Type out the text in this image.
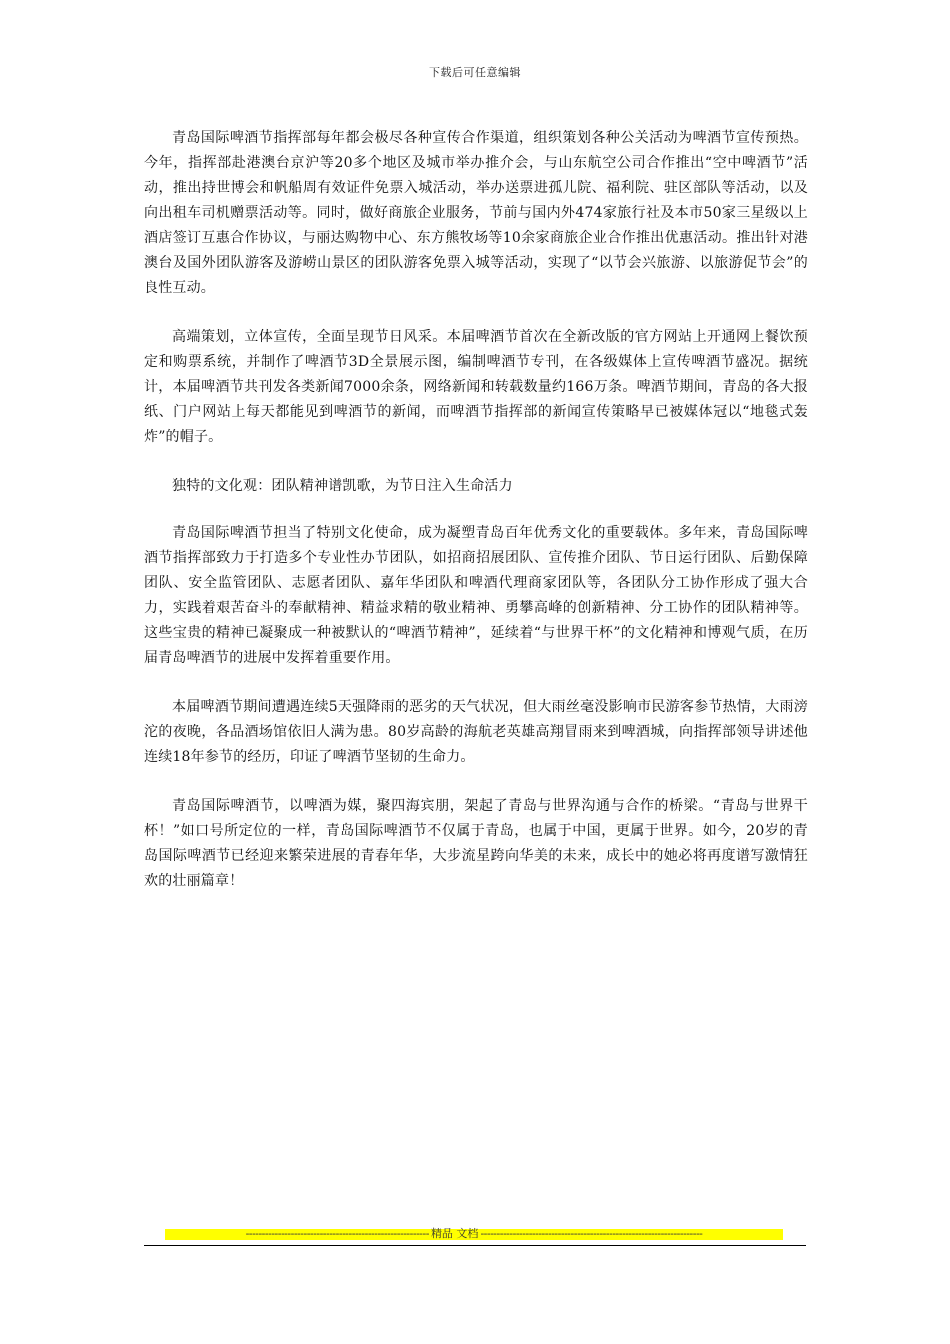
下载后可任意编辑

青岛国际啤酒节指挥部每年都会极尽各种宣传合作渠道，组织策划各种公关活动为啤酒节宣传预热。今年，指挥部赴港澳台京沪等20多个地区及城市举办推介会，与山东航空公司合作推出“空中啤酒节”活动，推出持世博会和帆船周有效证件免票入城活动，举办送票进孤儿院、福利院、驻区部队等活动，以及向出租车司机赠票活动等。同时，做好商旅企业服务，节前与国内外474家旅行社及本市50家三星级以上酒店签订互惠合作协议，与丽达购物中心、东方熊牧场等10余家商旅企业合作推出优惠活动。推出针对港澳台及国外团队游客及游崂山景区的团队游客免票入城等活动，实现了“以节会兴旅游、以旅游促节会”的良性互动。

高端策划，立体宣传，全面呈现节日风采。本届啤酒节首次在全新改版的官方网站上开通网上餐饮预定和购票系统，并制作了啤酒节3D全景展示图，编制啤酒节专刊，在各级媒体上宣传啤酒节盛况。据统计，本届啤酒节共刊发各类新闻7000余条，网络新闻和转载数量约166万条。啤酒节期间，青岛的各大报纸、门户网站上每天都能见到啤酒节的新闻，而啤酒节指挥部的新闻宣传策略早已被媒体冠以“地毯式轰炸”的帽子。

独特的文化观：团队精神谱凯歌，为节日注入生命活力

青岛国际啤酒节担当了特别文化使命，成为凝塑青岛百年优秀文化的重要载体。多年来，青岛国际啤酒节指挥部致力于打造多个专业性办节团队，如招商招展团队、宣传推介团队、节日运行团队、后勤保障团队、安全监管团队、志愿者团队、嘉年华团队和啤酒代理商家团队等，各团队分工协作形成了强大合力，实践着艰苦奋斗的奉献精神、精益求精的敬业精神、勇攀高峰的创新精神、分工协作的团队精神等。这些宝贵的精神已凝聚成一种被默认的“啤酒节精神”，延续着“与世界干杯”的文化精神和博观气质，在历届青岛啤酒节的进展中发挥着重要作用。

本届啤酒节期间遭遇连续5天强降雨的恶劣的天气状况，但大雨丝毫没影响市民游客参节热情，大雨滂沱的夜晚，各品酒场馆依旧人满为患。80岁高龄的海航老英雄高翔冒雨来到啤酒城，向指挥部领导讲述他连续18年参节的经历，印证了啤酒节坚韧的生命力。

青岛国际啤酒节，以啤酒为媒，聚四海宾朋，架起了青岛与世界沟通与合作的桥梁。“青岛与世界干杯！”如口号所定位的一样，青岛国际啤酒节不仅属于青岛，也属于中国，更属于世界。如今，20岁的青岛国际啤酒节已经迎来繁荣进展的青春年华，大步流星跨向华美的未来，成长中的她必将再度谱写激情狂欢的壮丽篇章！

--------------------------------------------------------- 精品 文档 ---------------------------------------------------------------------
